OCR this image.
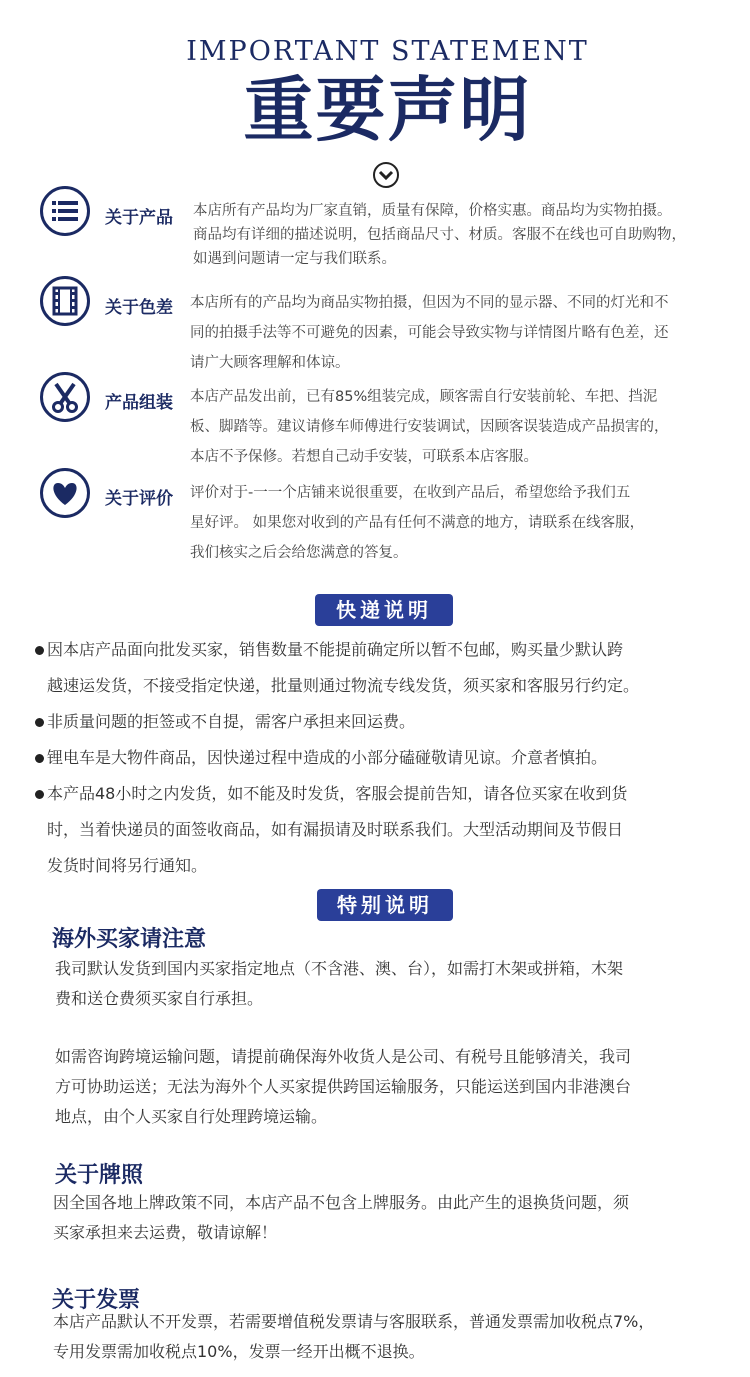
IMPORTANT STATEMENT
重要声明
关于产品 本店所有产品均为厂家直销，质量有保障，价格实惠。商品均为实物拍摄。
商品均有详细的描述说明，包括商品尺寸、材质。客服不在线也可自助购物，
如遇到问题请一定与我们联系。
关于色差 本店所有的产品均为商品实物拍摄，但因为不同的显示器、不同的灯光和不
同的拍摄手法等不可避免的因素，可能会导致实物与详情图片略有色差，还
请广大顾客理解和体谅。
产品组装 本店产品发出前，已有85%组装完成，顾客需自行安装前轮、车把、挡泥
板、脚踏等。建议请修车师傅进行安装调试，因顾客误装造成产品损害的，
本店不予保修。若想自己动手安装，可联系本店客服。
关于评价 评价对于-一一个店铺来说很重要，在收到产品后，希望您给予我们五
星好评。 如果您对收到的产品有任何不满意的地方，请联系在线客服，
我们核实之后会给您满意的答复。
快递说明
因本店产品面向批发买家，销售数量不能提前确定所以暂不包邮，购买量少默认跨
越速运发货，不接受指定快递，批量则通过物流专线发货，须买家和客服另行约定。
非质量问题的拒签或不自提，需客户承担来回运费。
锂电车是大物件商品，因快递过程中造成的小部分磕碰敬请见谅。介意者慎拍。
本产品48小时之内发货，如不能及时发货，客服会提前告知，请各位买家在收到货
时，当着快递员的面签收商品，如有漏损请及时联系我们。大型活动期间及节假日
发货时间将另行通知。
特别说明
海外买家请注意
我司默认发货到国内买家指定地点（不含港、澳、台），如需打木架或拼箱，木架
费和送仓费须买家自行承担。
如需咨询跨境运输问题，请提前确保海外收货人是公司、有税号且能够清关，我司
方可协助运送；无法为海外个人买家提供跨国运输服务，只能运送到国内非港澳台
地点，由个人买家自行处理跨境运输。
关于牌照
因全国各地上牌政策不同，本店产品不包含上牌服务。由此产生的退换货问题，须
买家承担来去运费，敬请谅解！
关于发票
本店产品默认不开发票，若需要增值税发票请与客服联系，普通发票需加收税点7%，
专用发票需加收税点10%，发票一经开出概不退换。
